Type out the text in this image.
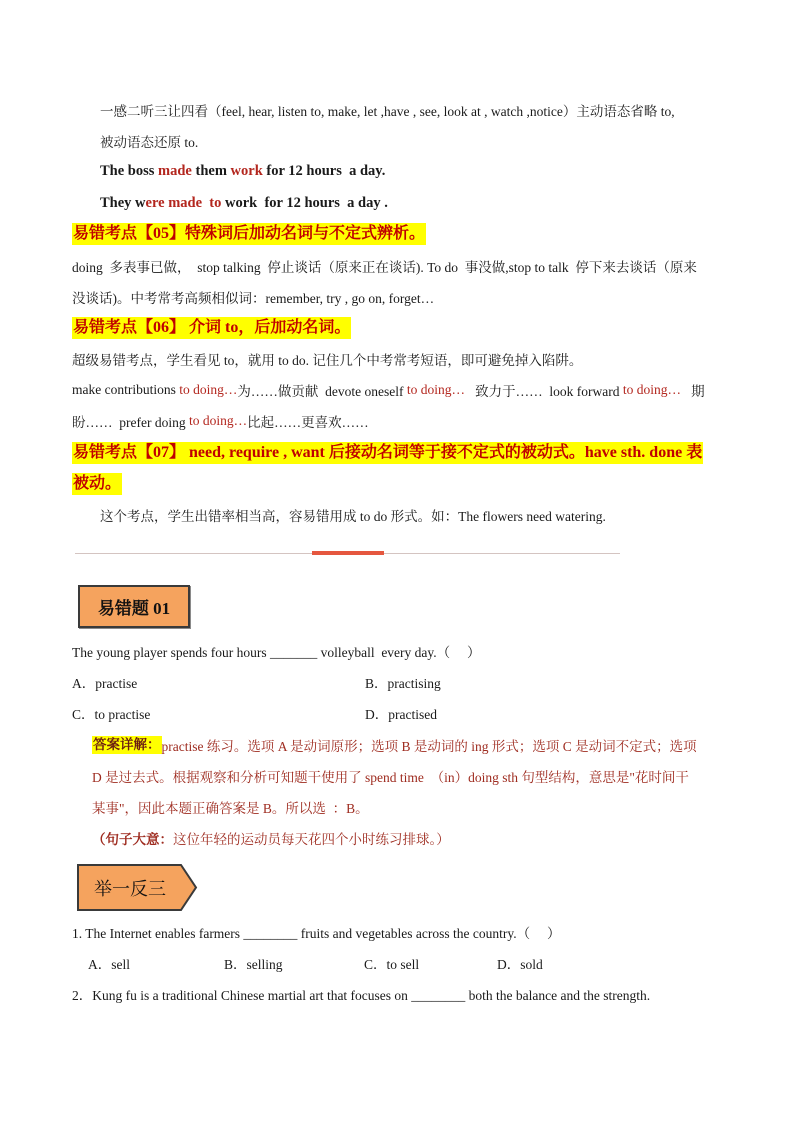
一感二听三让四看（feel, hear, listen to, make, let ,have , see, look at , watch ,notice）主动语态省略 to,
被动语态还原 to.
The boss made them work for 12 hours  a day.
They w ere made  to work  for 12 hours  a day .
易错考点【05】特殊词后加动名词与不定式辨析。
doing  多表事已做，  stop talking  停止谈话（原来正在谈话). To do  事没做,stop to talk  停下来去谈话（原来
没谈话)。中考常考高频相似词：remember, try , go on, forget…
易错考点【06】 介词 to，后加动名词。
超级易错考点，学生看见 to，就用 to do. 记住几个中考常考短语，即可避免掉入陷阱。
make contributions to doing… 为……做贡献  devote oneself to doing… 致力于……  look forward to doing… 期
盼……  prefer doing to doing… 比起……更喜欢……
易错考点【07】 need, require , want 后接动名词等于接不定式的被动式。have sth. done 表
被动。
这个考点，学生出错率相当高，容易错用成 to do 形式。如：The flowers need watering.
易错题 01
The young player spends four hours _______ volleyball  every day.（     ）
A．practise	B．practising
C．to practise	D．practised
答案详解： practise 练习。选项 A 是动词原形；选项 B 是动词的 ing 形式；选项 C 是动词不定式；选项
D 是过去式。根据观察和分析可知题干使用了 spend time  （in）doing sth 句型结构，意思是"花时间干
某事"，因此本题正确答案是 B。所以选  ：B。
（句子大意： 这位年轻的运动员每天花四个小时练习排球。）
举一反三
1. The Internet enables farmers ________ fruits and vegetables across the country.（     ）
A．sell	B．selling	C．to sell	D．sold
2．Kung fu is a traditional Chinese martial art that focuses on ________ both the balance and the strength.
